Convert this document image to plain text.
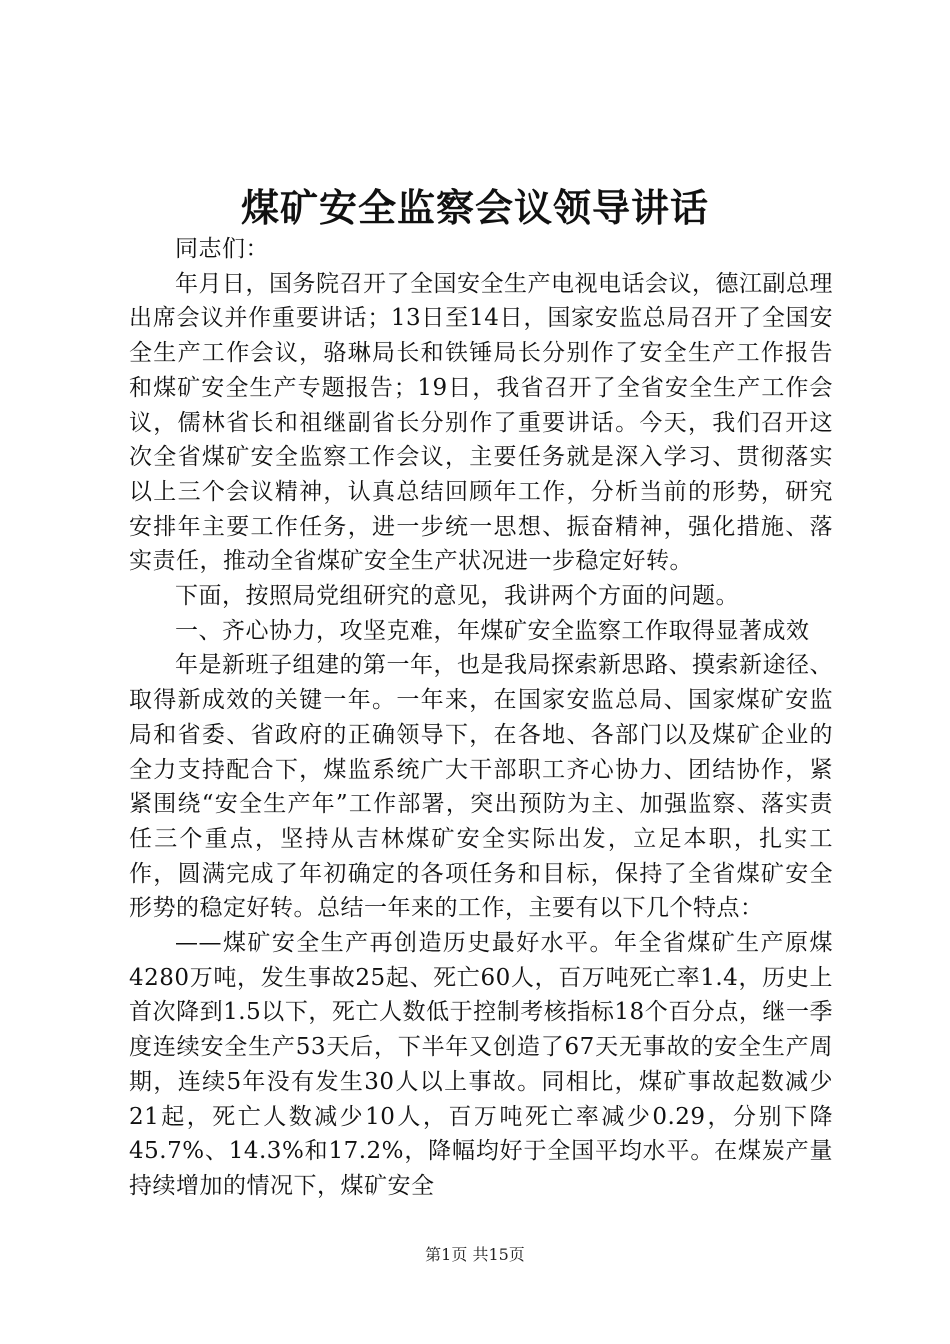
煤矿安全监察会议领导讲话

同志们：

年月日，国务院召开了全国安全生产电视电话会议，德江副总理出席会议并作重要讲话；13日至14日，国家安监总局召开了全国安全生产工作会议，骆琳局长和铁锤局长分别作了安全生产工作报告和煤矿安全生产专题报告；19日，我省召开了全省安全生产工作会议，儒林省长和祖继副省长分别作了重要讲话。今天，我们召开这次全省煤矿安全监察工作会议，主要任务就是深入学习、贯彻落实以上三个会议精神，认真总结回顾年工作，分析当前的形势，研究安排年主要工作任务，进一步统一思想、振奋精神，强化措施、落实责任，推动全省煤矿安全生产状况进一步稳定好转。

下面，按照局党组研究的意见，我讲两个方面的问题。

一、齐心协力，攻坚克难，年煤矿安全监察工作取得显著成效

年是新班子组建的第一年，也是我局探索新思路、摸索新途径、取得新成效的关键一年。一年来，在国家安监总局、国家煤矿安监局和省委、省政府的正确领导下，在各地、各部门以及煤矿企业的全力支持配合下，煤监系统广大干部职工齐心协力、团结协作，紧紧围绕“安全生产年”工作部署，突出预防为主、加强监察、落实责任三个重点，坚持从吉林煤矿安全实际出发，立足本职，扎实工作，圆满完成了年初确定的各项任务和目标，保持了全省煤矿安全形势的稳定好转。总结一年来的工作，主要有以下几个特点：

——煤矿安全生产再创造历史最好水平。年全省煤矿生产原煤4280万吨，发生事故25起、死亡60人，百万吨死亡率1.4，历史上首次降到1.5以下，死亡人数低于控制考核指标18个百分点，继一季度连续安全生产53天后，下半年又创造了67天无事故的安全生产周期，连续5年没有发生30人以上事故。同相比，煤矿事故起数减少21起，死亡人数减少10人，百万吨死亡率减少0.29，分别下降45.7%、14.3%和17.2%，降幅均好于全国平均水平。在煤炭产量持续增加的情况下，煤矿安全

第1页 共15页
